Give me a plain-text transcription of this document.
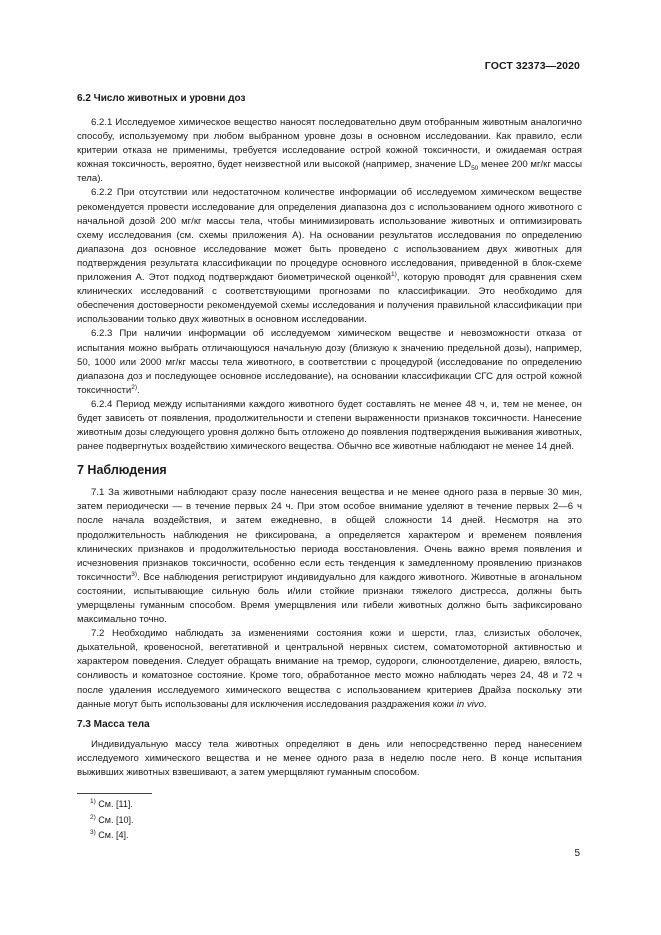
ГОСТ 32373—2020
6.2 Число животных и уровни доз

6.2.1 Исследуемое химическое вещество наносят последовательно двум отобранным животным аналогично способу, используемому при любом выбранном уровне дозы в основном исследовании. Как правило, если критерии отказа не применимы, требуется исследование острой кожной токсичности, и ожидаемая острая кожная токсичность, вероятно, будет неизвестной или высокой (например, значение $LD_{50}$ менее 200 мг/кг массы тела).

6.2.2 При отсутствии или недостаточном количестве информации об исследуемом химическом веществе рекомендуется провести исследование для определения диапазона доз с использованием одного животного с начальной дозой 200 мг/кг массы тела, чтобы минимизировать использование животных и оптимизировать схему исследования (см. схемы приложения А). На основании результатов исследования по определению диапазона доз основное исследование может быть проведено с использованием двух животных для подтверждения результата классификации по процедуре основного исследования, приведенной в блок-схеме приложения А. Этот подход подтверждают биометрической оценкой$^{1)}$, которую проводят для сравнения схем клинических исследований с соответствующими прогнозами по классификации. Это необходимо для обеспечения достоверности рекомендуемой схемы исследования и получения правильной классификации при использовании только двух животных в основном исследовании.

6.2.3 При наличии информации об исследуемом химическом веществе и невозможности отказа от испытания можно выбрать отличающуюся начальную дозу (близкую к значению предельной дозы), например, 50, 1000 или 2000 мг/кг массы тела животного, в соответствии с процедурой (исследование по определению диапазона доз и последующее основное исследование), на основании классификации СГС для острой кожной токсичности$^{2)}$.

6.2.4 Период между испытаниями каждого животного будет составлять не менее 48 ч, и, тем не менее, он будет зависеть от появления, продолжительности и степени выраженности признаков токсичности. Нанесение животным дозы следующего уровня должно быть отложено до появления подтверждения выживания животных, ранее подвергнутых воздействию химического вещества. Обычно все животные наблюдают не менее 14 дней.

7 Наблюдения

7.1 За животными наблюдают сразу после нанесения вещества и не менее одного раза в первые 30 мин, затем периодически — в течение первых 24 ч. При этом особое внимание уделяют в течение первых 2—6 ч после начала воздействия, и затем ежедневно, в общей сложности 14 дней. Несмотря на это продолжительность наблюдения не фиксирована, а определяется характером и временем появления клинических признаков и продолжительностью периода восстановления. Очень важно время появления и исчезновения признаков токсичности, особенно если есть тенденция к замедленному проявлению признаков токсичности$^{3)}$. Все наблюдения регистрируют индивидуально для каждого животного. Животные в агональном состоянии, испытывающие сильную боль и/или стойкие признаки тяжелого дистресса, должны быть умерщвлены гуманным способом. Время умерщвления или гибели животных должно быть зафиксировано максимально точно.

7.2 Необходимо наблюдать за изменениями состояния кожи и шерсти, глаз, слизистых оболочек, дыхательной, кровеносной, вегетативной и центральной нервных систем, соматомоторной активностью и характером поведения. Следует обращать внимание на тремор, судороги, слюноотделение, диарею, вялость, сонливость и коматозное состояние. Кроме того, обработанное место можно наблюдать через 24, 48 и 72 ч после удаления исследуемого химического вещества с использованием критериев Драйза поскольку эти данные могут быть использованы для исключения исследования раздражения кожи in vivo.

7.3 Масса тела

Индивидуальную массу тела животных определяют в день или непосредственно перед нанесением исследуемого химического вещества и не менее одного раза в неделю после него. В конце испытания выживших животных взвешивают, а затем умерщвляют гуманным способом.

$^{1)}$ См. [11].
$^{2)}$ См. [10].
$^{3)}$ См. [4].
5
